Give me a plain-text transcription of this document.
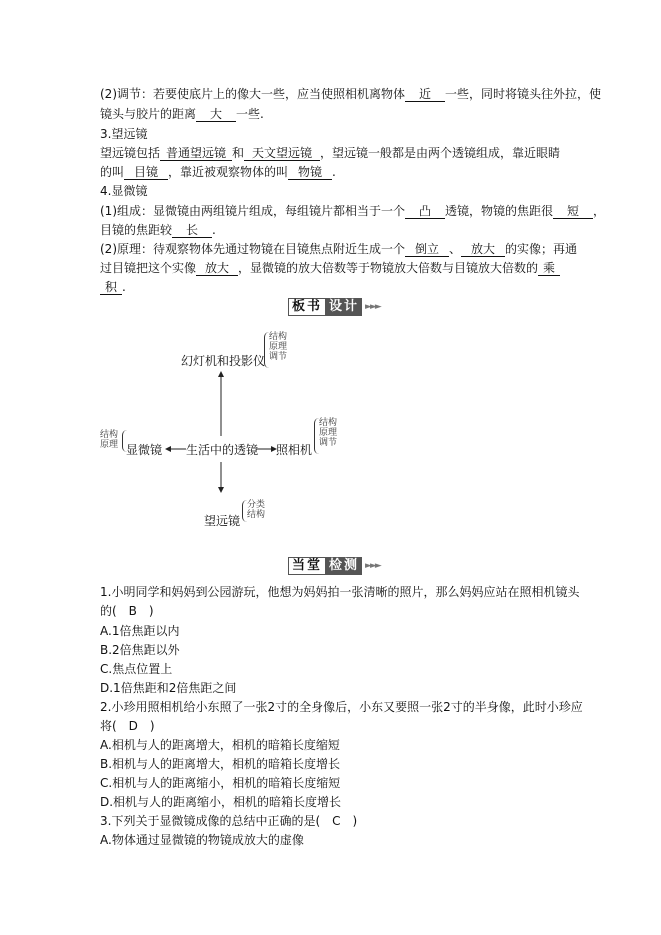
(2)调节：若要使底片上的像大一些，应当使照相机离物体 近 一些，同时将镜头往外拉，使
镜头与胶片的距离 大 一些.
3.望远镜
望远镜包括 普通望远镜 和 天文望远镜 ，望远镜一般都是由两个透镜组成，靠近眼睛
的叫 目镜 ，靠近被观察物体的叫 物镜 .
4.显微镜
(1)组成：显微镜由两组镜片组成，每组镜片都相当于一个 凸 透镜，物镜的焦距很 短 ，
目镜的焦距较 长 .
(2)原理：待观察物体先通过物镜在目镜焦点附近生成一个 倒立 、 放大 的实像；再通
过目镜把这个实像 放大 ，显微镜的放大倍数等于物镜放大倍数与目镜放大倍数的 乘
积 .
板书 设计 ►►►
幻灯机和投影仪
结构
原理
调节
生活中的透镜 照相机
结构
原理
调节
结构
原理 显微镜
望远镜
分类
结构
当堂 检测 ►►►
1.小明同学和妈妈到公园游玩，他想为妈妈拍一张清晰的照片，那么妈妈应站在照相机镜头
的(　B　)
A.1倍焦距以内
B.2倍焦距以外
C.焦点位置上
D.1倍焦距和2倍焦距之间
2.小珍用照相机给小东照了一张2寸的全身像后，小东又要照一张2寸的半身像，此时小珍应
将(　D　)
A.相机与人的距离增大，相机的暗箱长度缩短
B.相机与人的距离增大，相机的暗箱长度增长
C.相机与人的距离缩小，相机的暗箱长度缩短
D.相机与人的距离缩小，相机的暗箱长度增长
3.下列关于显微镜成像的总结中正确的是(　C　)
A.物体通过显微镜的物镜成放大的虚像
